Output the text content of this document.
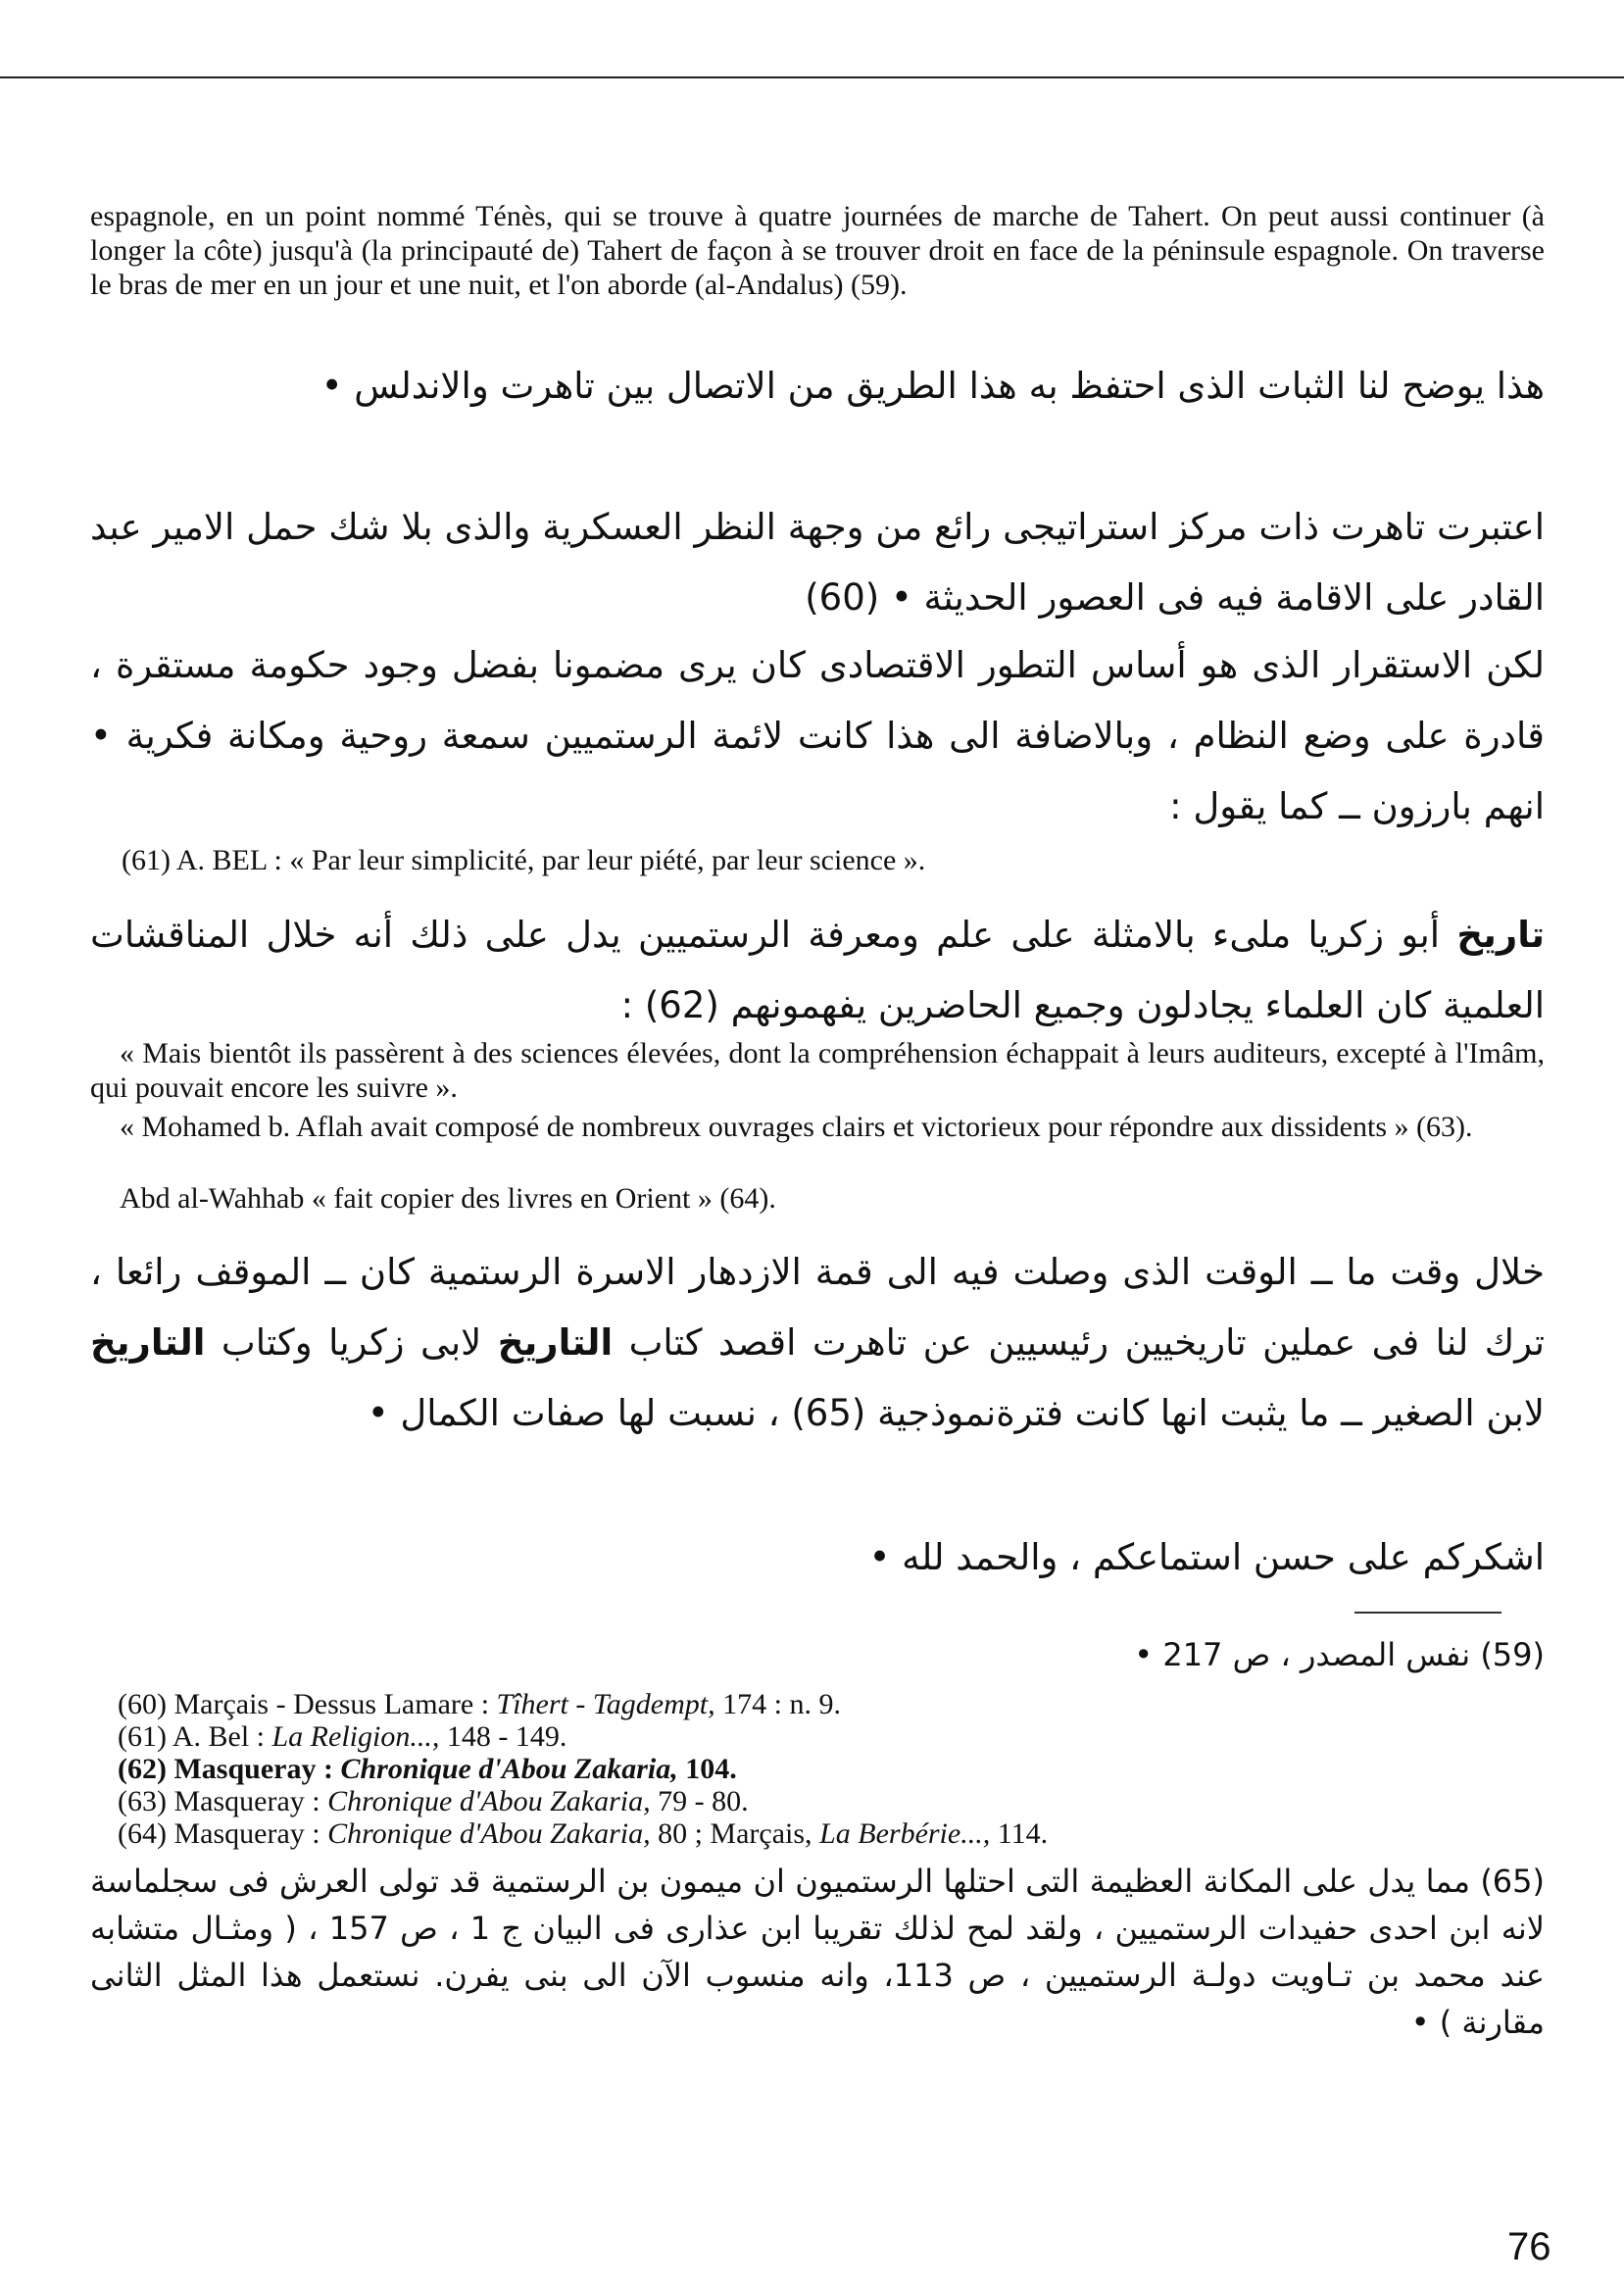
espagnole, en un point nommé Ténès, qui se trouve à quatre journées de marche de Tahert. On peut aussi continuer (à longer la côte) jusqu'à (la principauté de) Tahert de façon à se trouver droit en face de la péninsule espagnole. On traverse le bras de mer en un jour et une nuit, et l'on aborde (al-Andalus) (59).

هذا يوضح لنا الثبات الذى احتفظ به هذا الطريق من الاتصال بين تاهرت والاندلس •

اعتبرت تاهرت ذات مركز استراتيجى رائع من وجهة النظر العسكرية والذى بلا شك حمل الامير عبد القادر على الاقامة فيه فى العصور الحديثة • (60)

لكن الاستقرار الذى هو أساس التطور الاقتصادى كان يرى مضمونا بفضل وجود حكومة مستقرة ، قادرة على وضع النظام ، وبالاضافة الى هذا كانت لائمة الرستميين سمعة روحية ومكانة فكرية • انهم بارزون ــ كما يقول :

(61) A. BEL : « Par leur simplicité, par leur piété, par leur science ».

تاريخ أبو زكريا ملىء بالامثلة على علم ومعرفة الرستميين يدل على ذلك أنه خلال المناقشات العلمية كان العلماء يجادلون وجميع الحاضرين يفهمونهم (62) :

« Mais bientôt ils passèrent à des sciences élevées, dont la compréhension échappait à leurs auditeurs, excepté à l'Imâm, qui pouvait encore les suivre ».

« Mohamed b. Aflah avait composé de nombreux ouvrages clairs et victorieux pour répondre aux dissidents » (63).

Abd al-Wahhab « fait copier des livres en Orient » (64).

خلال وقت ما ــ الوقت الذى وصلت فيه الى قمة الازدهار الاسرة الرستمية كان ــ الموقف رائعا ، ترك لنا فى عملين تاريخيين رئيسيين عن تاهرت اقصد كتاب التاريخ لابى زكريا وكتاب التاريخ لابن الصغير ــ ما يثبت انها كانت فترةنموذجية (65) ، نسبت لها صفات الكمال •

اشكركم على حسن استماعكم ، والحمد لله •

(59) نفس المصدر ، ص 217 •

(60) Marçais - Dessus Lamare : Tîhert - Tagdempt, 174 : n. 9.

(61) A. Bel : La Religion..., 148 - 149.

(62) Masqueray : Chronique d'Abou Zakaria, 104.

(63) Masqueray : Chronique d'Abou Zakaria, 79 - 80.

(64) Masqueray : Chronique d'Abou Zakaria, 80 ; Marçais, La Berbérie..., 114.

(65) مما يدل على المكانة العظيمة التى احتلها الرستميون ان ميمون بن الرستمية قد تولى العرش فى سجلماسة لانه ابن احدى حفيدات الرستميين ، ولقد لمح لذلك تقريبا ابن عذارى فى البيان ج 1 ، ص 157 ، ( ومثـال متشابه عند محمد بن تـاويت دولـة الرستميين ، ص 113، وانه منسوب الآن الى بنى يفرن. نستعمل هذا المثل الثانى مقارنة ) •

76
